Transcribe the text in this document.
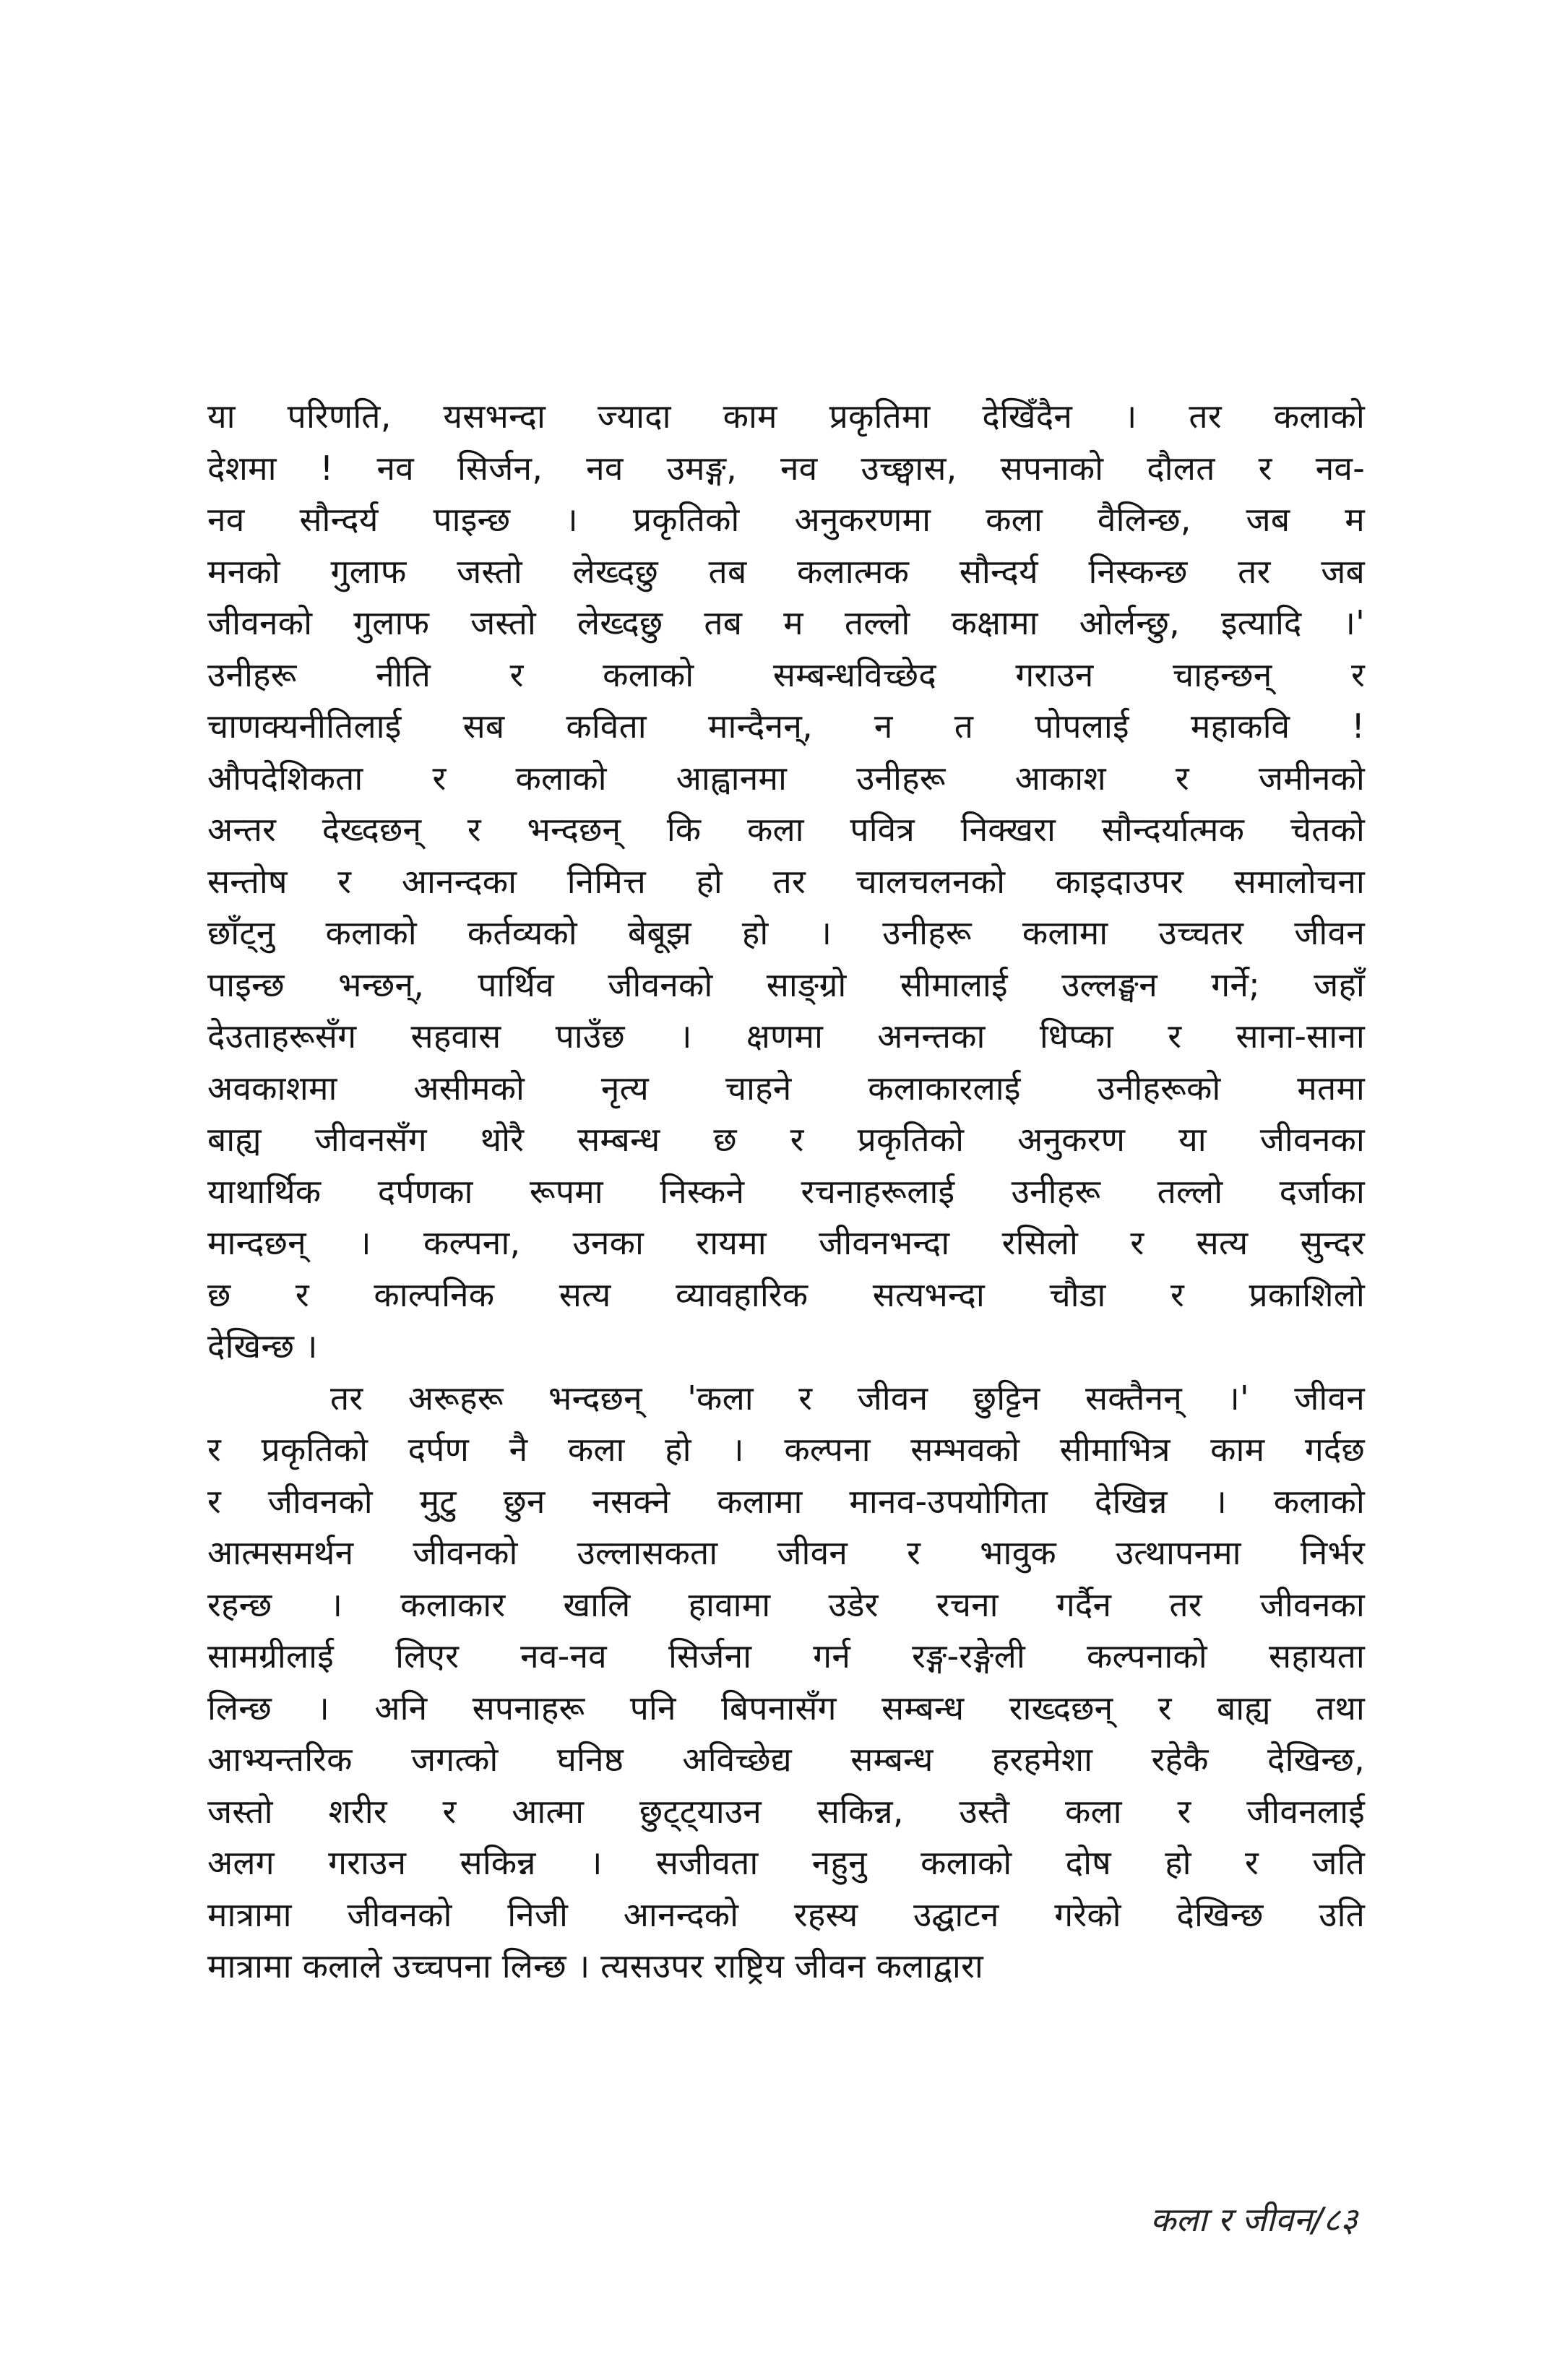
या परिणति, यसभन्दा ज्यादा काम प्रकृतिमा देखिँदैन । तर कलाको
देशमा ! नव सिर्जन, नव उमङ्ग, नव उच्छ्वास, सपनाको दौलत र नव-
नव सौन्दर्य पाइन्छ । प्रकृतिको अनुकरणमा कला वैलिन्छ, जब म
मनको गुलाफ जस्तो लेख्दछु तब कलात्मक सौन्दर्य निस्कन्छ तर जब
जीवनको गुलाफ जस्तो लेख्दछु तब म तल्लो कक्षामा ओर्लन्छु, इत्यादि ।'
उनीहरू नीति र कलाको सम्बन्धविच्छेद गराउन चाहन्छन् र
चाणक्यनीतिलाई सब कविता मान्दैनन्, न त पोपलाई महाकवि !
औपदेशिकता र कलाको आह्वानमा उनीहरू आकाश र जमीनको
अन्तर देख्दछन् र भन्दछन् कि कला पवित्र निक्खरा सौन्दर्यात्मक चेतको
सन्तोष र आनन्दका निमित्त हो तर चालचलनको काइदाउपर समालोचना
छाँट्नु कलाको कर्तव्यको बेबूझ हो । उनीहरू कलामा उच्चतर जीवन
पाइन्छ भन्छन्, पार्थिव जीवनको साङ्ग्रो सीमालाई उल्लङ्घन गर्ने; जहाँ
देउताहरूसँग सहवास पाउँछ । क्षणमा अनन्तका धिप्का र साना-साना
अवकाशमा असीमको नृत्य चाहने कलाकारलाई उनीहरूको मतमा
बाह्य जीवनसँग थोरै सम्बन्ध छ र प्रकृतिको अनुकरण या जीवनका
याथार्थिक दर्पणका रूपमा निस्कने रचनाहरूलाई उनीहरू तल्लो दर्जाका
मान्दछन् । कल्पना, उनका रायमा जीवनभन्दा रसिलो र सत्य सुन्दर
छ र काल्पनिक सत्य व्यावहारिक सत्यभन्दा चौडा र प्रकाशिलो
देखिन्छ ।

तर अरूहरू भन्दछन् 'कला र जीवन छुट्टिन सक्तैनन् ।' जीवन
र प्रकृतिको दर्पण नै कला हो । कल्पना सम्भवको सीमाभित्र काम गर्दछ
र जीवनको मुटु छुन नसक्ने कलामा मानव-उपयोगिता देखिन्न । कलाको
आत्मसमर्थन जीवनको उल्लासकता जीवन र भावुक उत्थापनमा निर्भर
रहन्छ । कलाकार खालि हावामा उडेर रचना गर्दैन तर जीवनका
सामग्रीलाई लिएर नव-नव सिर्जना गर्न रङ्ग-रङ्गेली कल्पनाको सहायता
लिन्छ । अनि सपनाहरू पनि बिपनासँग सम्बन्ध राख्दछन् र बाह्य तथा
आभ्यन्तरिक जगत्को घनिष्ठ अविच्छेद्य सम्बन्ध हरहमेशा रहेकै देखिन्छ,
जस्तो शरीर र आत्मा छुट्ट्याउन सकिन्न, उस्तै कला र जीवनलाई
अलग गराउन सकिन्न । सजीवता नहुनु कलाको दोष हो र जति
मात्रामा जीवनको निजी आनन्दको रहस्य उद्घाटन गरेको देखिन्छ उति
मात्रामा कलाले उच्चपना लिन्छ । त्यसउपर राष्ट्रिय जीवन कलाद्वारा

कला र जीवन/८३
